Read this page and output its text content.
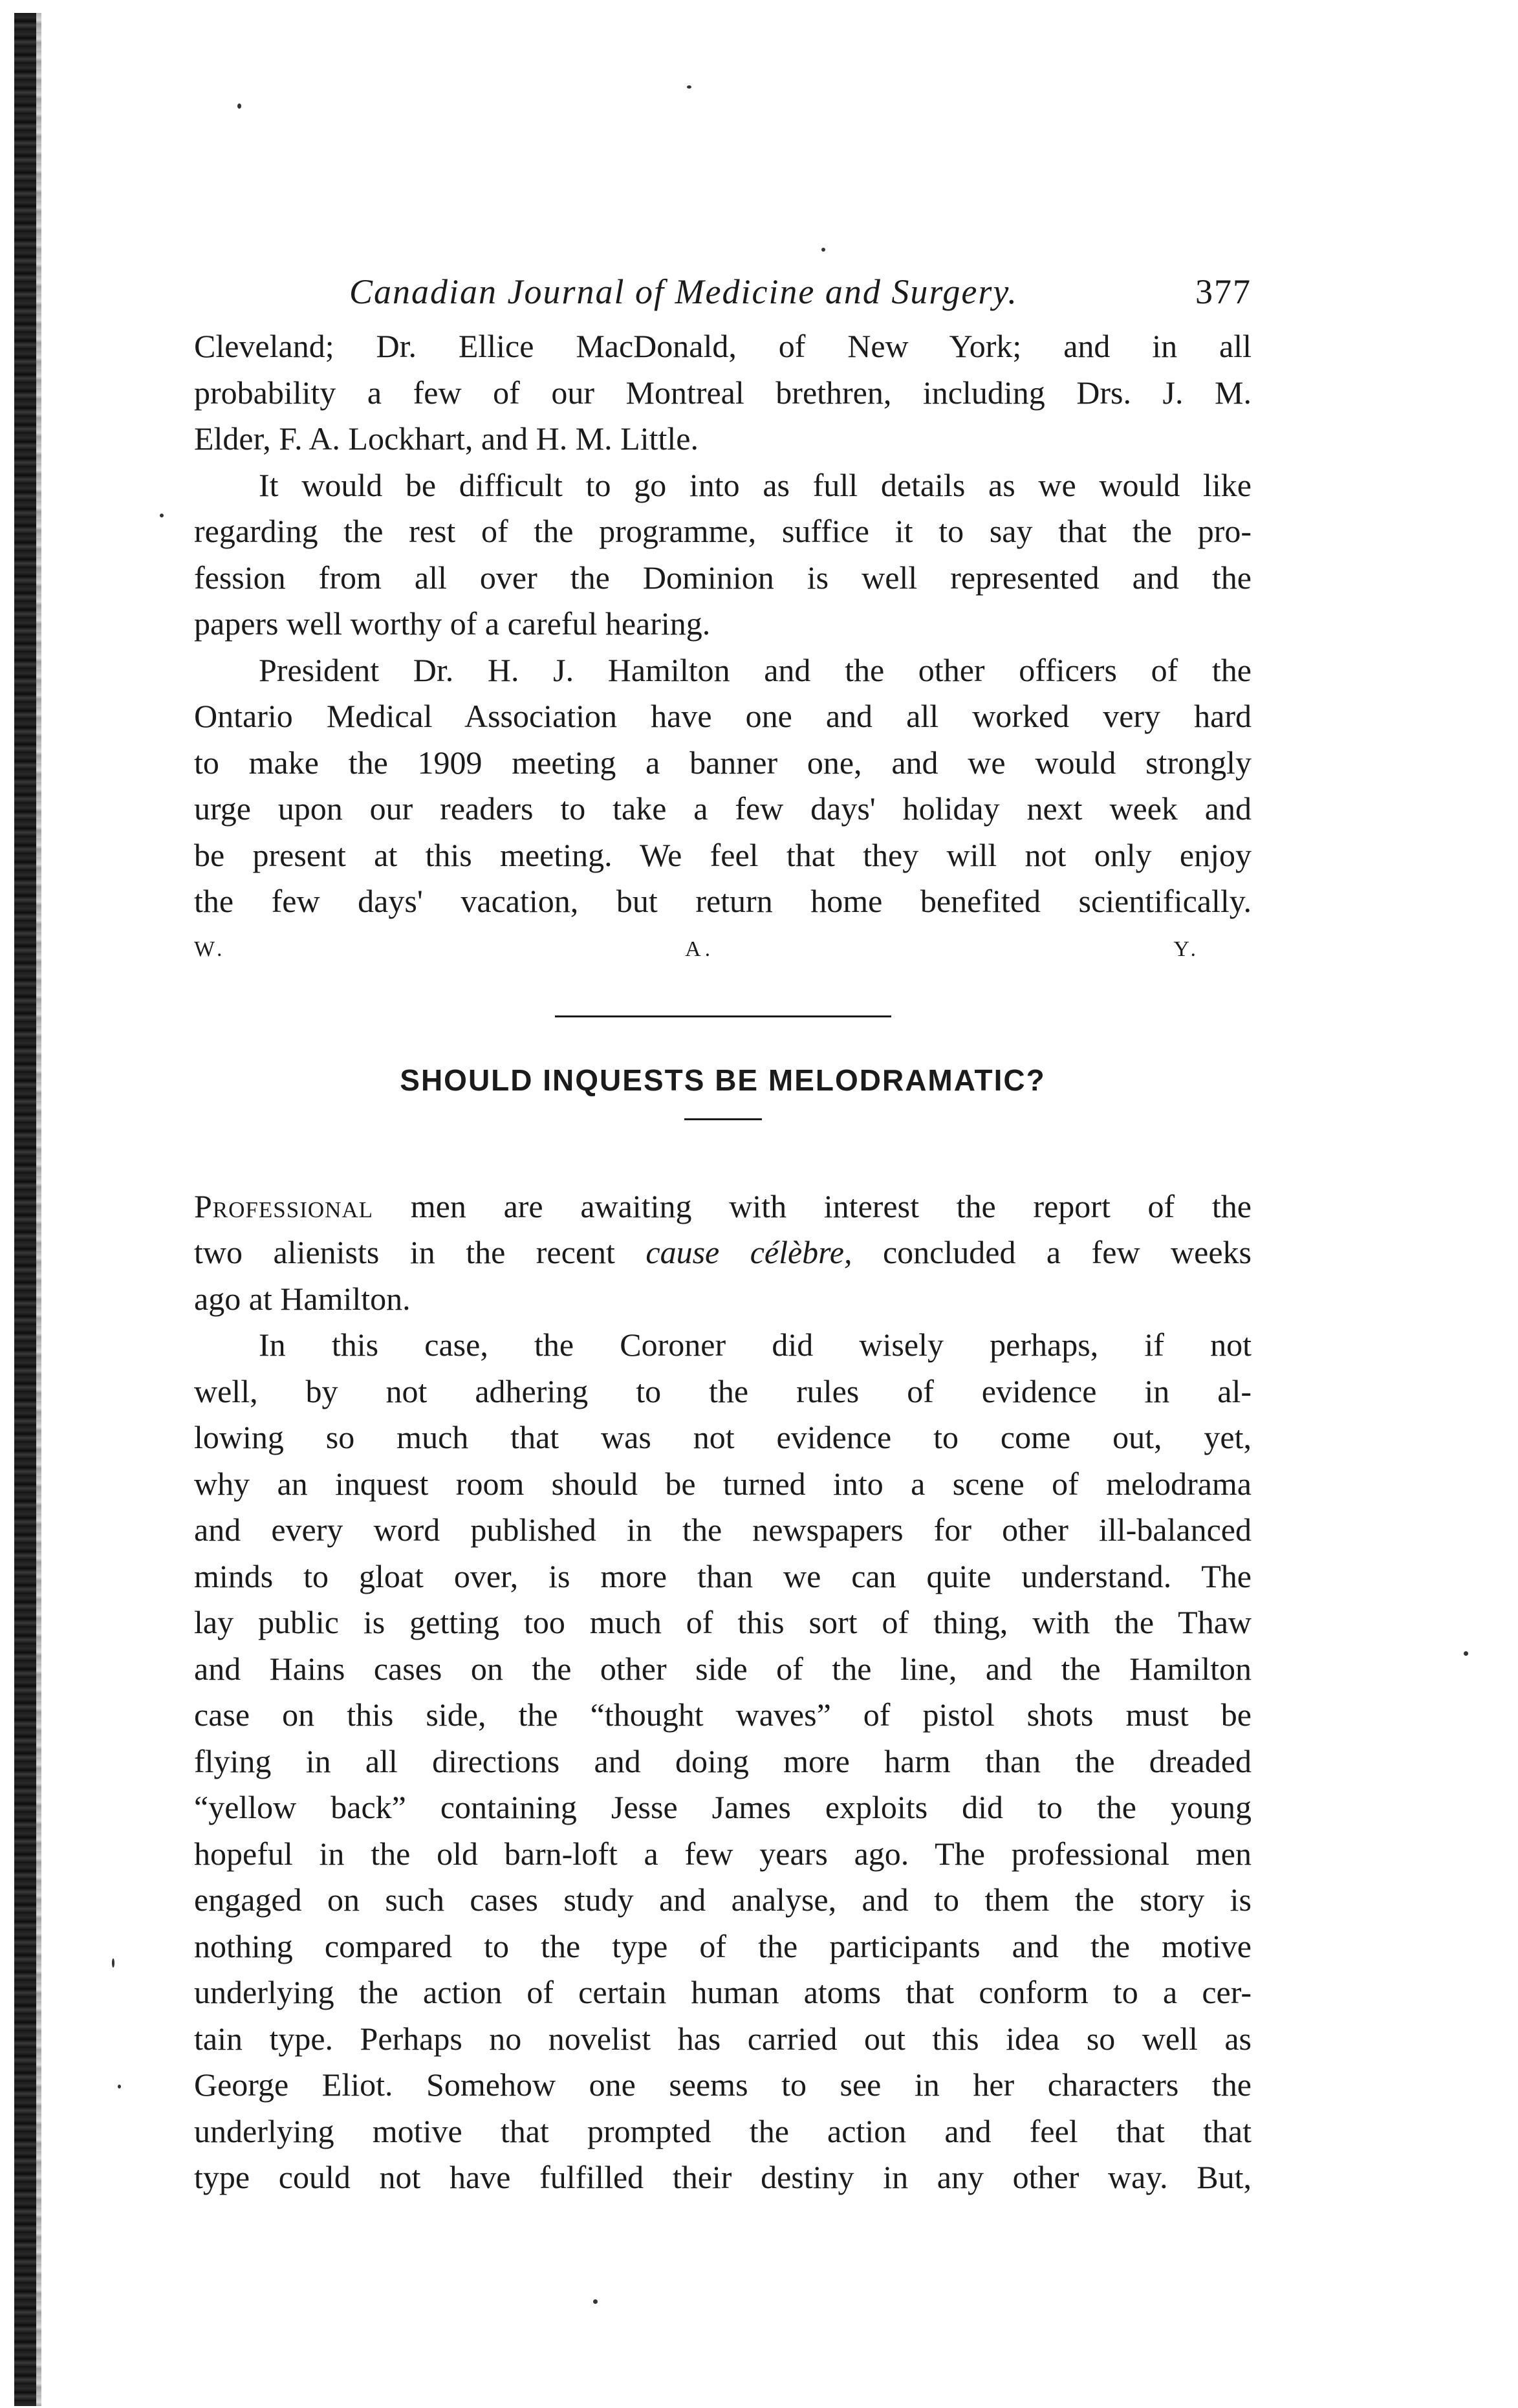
Canadian Journal of Medicine and Surgery.	377
Cleveland; Dr. Ellice MacDonald, of New York; and in all
probability a few of our Montreal brethren, including Drs. J. M.
Elder, F. A. Lockhart, and H. M. Little.
It would be difficult to go into as full details as we would like
regarding the rest of the programme, suffice it to say that the pro-
fession from all over the Dominion is well represented and the
papers well worthy of a careful hearing.
President Dr. H. J. Hamilton and the other officers of the
Ontario Medical Association have one and all worked very hard
to make the 1909 meeting a banner one, and we would strongly
urge upon our readers to take a few days' holiday next week and
be present at this meeting. We feel that they will not only enjoy
the few days' vacation, but return home benefited scientifically.
W. A. Y.
SHOULD INQUESTS BE MELODRAMATIC?
Professional men are awaiting with interest the report of the
two alienists in the recent cause célèbre, concluded a few weeks
ago at Hamilton.
In this case, the Coroner did wisely perhaps, if not
well, by not adhering to the rules of evidence in al-
lowing so much that was not evidence to come out, yet,
why an inquest room should be turned into a scene of melodrama
and every word published in the newspapers for other ill-balanced
minds to gloat over, is more than we can quite understand. The
lay public is getting too much of this sort of thing, with the Thaw
and Hains cases on the other side of the line, and the Hamilton
case on this side, the “thought waves” of pistol shots must be
flying in all directions and doing more harm than the dreaded
“yellow back” containing Jesse James exploits did to the young
hopeful in the old barn-loft a few years ago. The professional men
engaged on such cases study and analyse, and to them the story is
nothing compared to the type of the participants and the motive
underlying the action of certain human atoms that conform to a cer-
tain type. Perhaps no novelist has carried out this idea so well as
George Eliot. Somehow one seems to see in her characters the
underlying motive that prompted the action and feel that that
type could not have fulfilled their destiny in any other way. But,
